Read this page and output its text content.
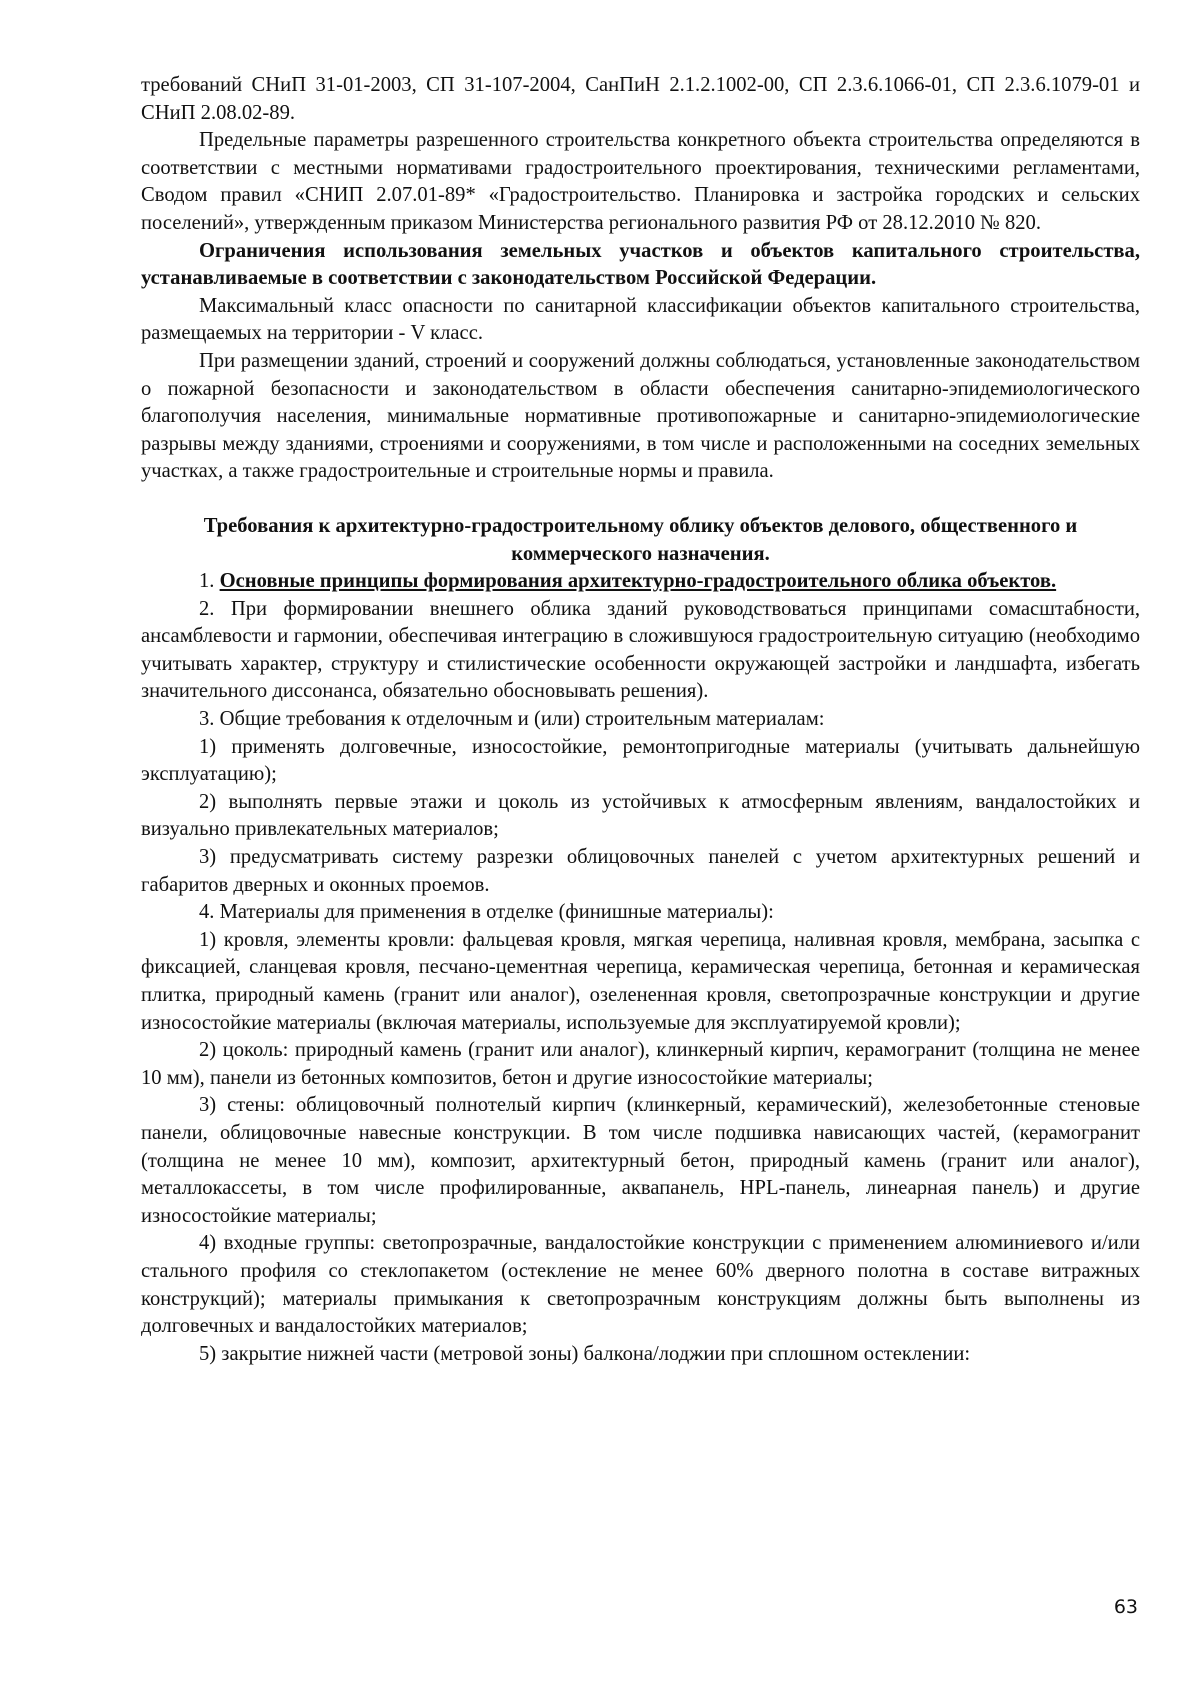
требований СНиП 31-01-2003, СП 31-107-2004, СанПиН 2.1.2.1002-00, СП 2.3.6.1066-01, СП 2.3.6.1079-01 и СНиП 2.08.02-89.

Предельные параметры разрешенного строительства конкретного объекта строительства определяются в соответствии с местными нормативами градостроительного проектирования, техническими регламентами, Сводом правил «СНИП 2.07.01-89* «Градостроительство. Планировка и застройка городских и сельских поселений», утвержденным приказом Министерства регионального развития РФ от 28.12.2010 № 820.

Ограничения использования земельных участков и объектов капитального строительства, устанавливаемые в соответствии с законодательством Российской Федерации.

Максимальный класс опасности по санитарной классификации объектов капитального строительства, размещаемых на территории - V класс.

При размещении зданий, строений и сооружений должны соблюдаться, установленные законодательством о пожарной безопасности и законодательством в области обеспечения санитарно-эпидемиологического благополучия населения, минимальные нормативные противопожарные и санитарно-эпидемиологические разрывы между зданиями, строениями и сооружениями, в том числе и расположенными на соседних земельных участках, а также градостроительные и строительные нормы и правила.

Требования к архитектурно-градостроительному облику объектов делового, общественного и коммерческого назначения.

1. Основные принципы формирования архитектурно-градостроительного облика объектов.

2. При формировании внешнего облика зданий руководствоваться принципами сомасштабности, ансамблевости и гармонии, обеспечивая интеграцию в сложившуюся градостроительную ситуацию (необходимо учитывать характер, структуру и стилистические особенности окружающей застройки и ландшафта, избегать значительного диссонанса, обязательно обосновывать решения).

3. Общие требования к отделочным и (или) строительным материалам:

1) применять долговечные, износостойкие, ремонтопригодные материалы (учитывать дальнейшую эксплуатацию);

2) выполнять первые этажи и цоколь из устойчивых к атмосферным явлениям, вандалостойких и визуально привлекательных материалов;

3) предусматривать систему разрезки облицовочных панелей с учетом архитектурных решений и габаритов дверных и оконных проемов.

4. Материалы для применения в отделке (финишные материалы):

1) кровля, элементы кровли: фальцевая кровля, мягкая черепица, наливная кровля, мембрана, засыпка с фиксацией, сланцевая кровля, песчано-цементная черепица, керамическая черепица, бетонная и керамическая плитка, природный камень (гранит или аналог), озелененная кровля, светопрозрачные конструкции и другие износостойкие материалы (включая материалы, используемые для эксплуатируемой кровли);

2) цоколь: природный камень (гранит или аналог), клинкерный кирпич, керамогранит (толщина не менее 10 мм), панели из бетонных композитов, бетон и другие износостойкие материалы;

3) стены: облицовочный полнотелый кирпич (клинкерный, керамический), железобетонные стеновые панели, облицовочные навесные конструкции. В том числе подшивка нависающих частей, (керамогранит (толщина не менее 10 мм), композит, архитектурный бетон, природный камень (гранит или аналог), металлокассеты, в том числе профилированные, аквапанель, HPL-панель, линеарная панель) и другие износостойкие материалы;

4) входные группы: светопрозрачные, вандалостойкие конструкции с применением алюминиевого и/или стального профиля со стеклопакетом (остекление не менее 60% дверного полотна в составе витражных конструкций); материалы примыкания к светопрозрачным конструкциям должны быть выполнены из долговечных и вандалостойких материалов;

5) закрытие нижней части (метровой зоны) балкона/лоджии при сплошном остеклении:

63
